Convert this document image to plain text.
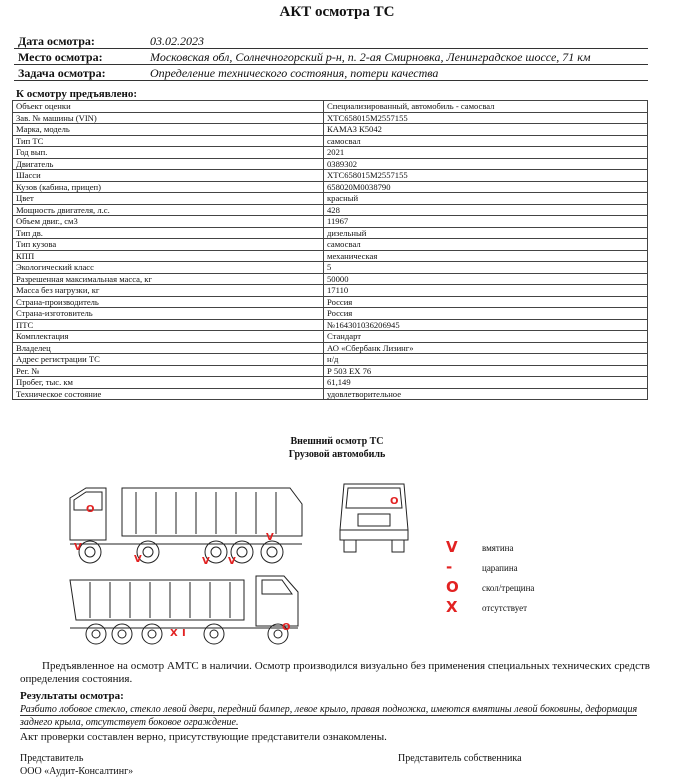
АКТ осмотра ТС
Дата осмотра:	03.02.2023
Место осмотра:	Московская обл, Солнечногорский р-н, п. 2-ая Смирновка, Ленинградское шоссе, 71 км
Задача осмотра:	Определение технического состояния, потери качества
К осмотру предъявлено:
Объект оценки	Специализированный, автомобиль - самосвал
Зав. № машины (VIN)	XTC658015M2557155
Марка, модель	КАМАЗ К5042
Тип ТС	самосвал
Год вып.	2021
Двигатель	0389302
Шасси	XTC658015M2557155
Кузов (кабина, прицеп)	658020M0038790
Цвет	красный
Мощность двигателя, л.с.	428
Объем двиг., см3	11967
Тип дв.	дизельный
Тип кузова	самосвал
КПП	механическая
Экологический класс	5
Разрешенная максимальная масса, кг	50000
Масса без нагрузки, кг	17110
Страна-производитель	Россия
Страна-изготовитель	Россия
ПТС	№164301036206945
Комплектация	Стандарт
Владелец	АО «Сбербанк Лизинг»
Адрес регистрации ТС	н/д
Рег. №	Р 503 ЕХ 76
Пробег, тыс. км	61,149
Техническое состояние	удовлетворительное
Внешний осмотр ТС
Грузовой автомобиль
O
V
V	V V
V
O
X I
O
V	вмятина
-	царапина
O	скол/трещина
X	отсутствует
Предъявленное на осмотр АМТС в наличии. Осмотр производился визуально без применения специальных технических средств определения состояния.
Результаты осмотра:
Разбито лобовое стекло, стекло левой двери, передний бампер, левое крыло, правая подножка, имеются вмятины левой боковины, деформация заднего крыла, отсутствует боковое ограждение.
Акт проверки составлен верно, присутствующие представители ознакомлены.
Представитель
ООО «Аудит-Консалтинг»
Представитель собственника
